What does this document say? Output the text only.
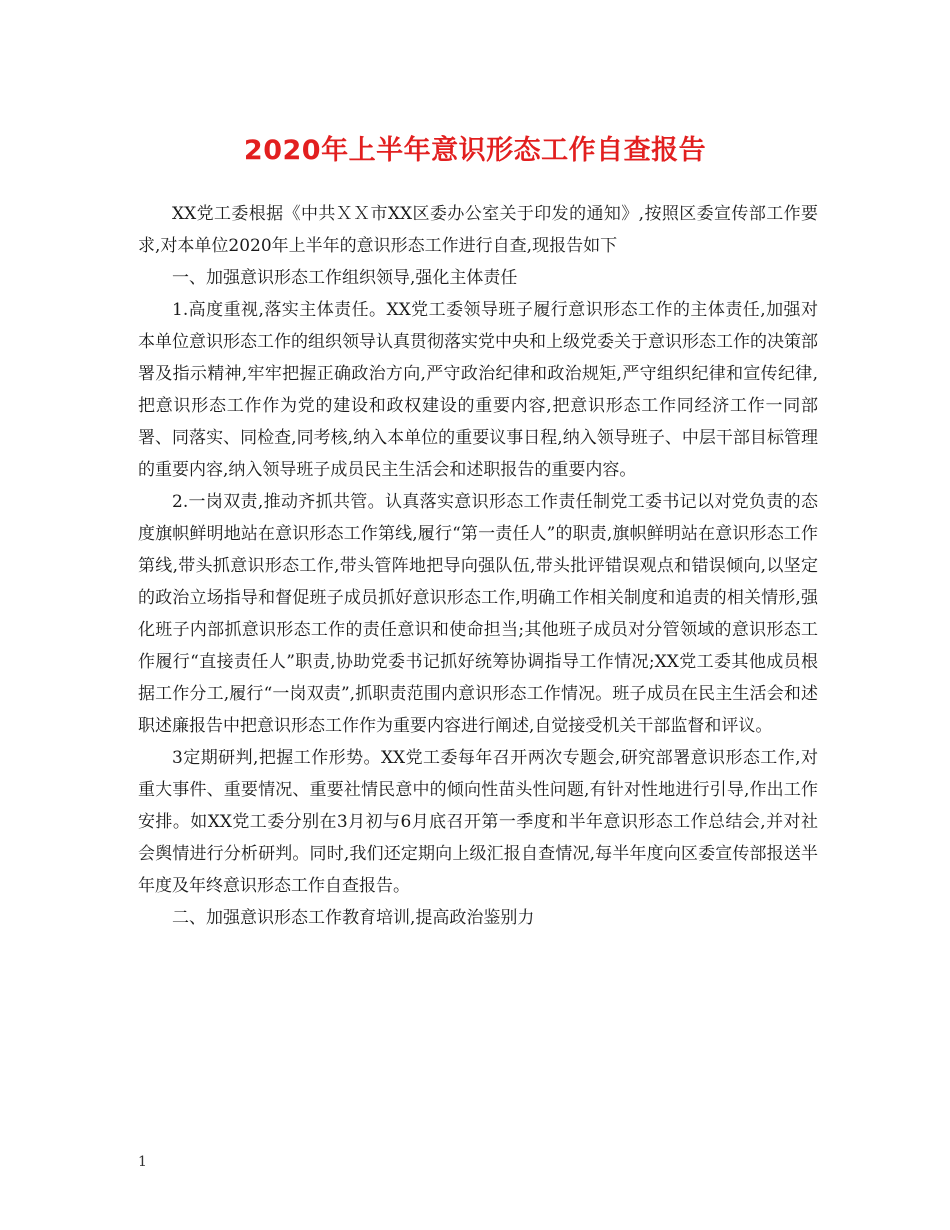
2020年上半年意识形态工作自查报告

XX党工委根据《中共ＸＸ市XX区委办公室关于印发的通知》,按照区委宣传部工作要求,对本单位2020年上半年的意识形态工作进行自查,现报告如下

一、加强意识形态工作组织领导,强化主体责任

1.高度重视,落实主体责任。XX党工委领导班子履行意识形态工作的主体责任,加强对本单位意识形态工作的组织领导认真贯彻落实党中央和上级党委关于意识形态工作的决策部署及指示精神,牢牢把握正确政治方向,严守政治纪律和政治规矩,严守组织纪律和宣传纪律,把意识形态工作作为党的建设和政权建设的重要内容,把意识形态工作同经济工作一同部署、同落实、同检查,同考核,纳入本单位的重要议事日程,纳入领导班子、中层干部目标管理的重要内容,纳入领导班子成员民主生活会和述职报告的重要内容。

2.一岗双责,推动齐抓共管。认真落实意识形态工作责任制党工委书记以对党负责的态度旗帜鲜明地站在意识形态工作第线,履行“第一责任人”的职责,旗帜鲜明站在意识形态工作第线,带头抓意识形态工作,带头管阵地把导向强队伍,带头批评错误观点和错误倾向,以坚定的政治立场指导和督促班子成员抓好意识形态工作,明确工作相关制度和追责的相关情形,强化班子内部抓意识形态工作的责任意识和使命担当;其他班子成员对分管领域的意识形态工作履行“直接责任人”职责,协助党委书记抓好统筹协调指导工作情况;XX党工委其他成员根据工作分工,履行“一岗双责”,抓职责范围内意识形态工作情况。班子成员在民主生活会和述职述廉报告中把意识形态工作作为重要内容进行阐述,自觉接受机关干部监督和评议。

3定期研判,把握工作形势。XX党工委每年召开两次专题会,研究部署意识形态工作,对重大事件、重要情况、重要社情民意中的倾向性苗头性问题,有针对性地进行引导,作出工作安排。如XX党工委分别在3月初与6月底召开第一季度和半年意识形态工作总结会,并对社会舆情进行分析研判。同时,我们还定期向上级汇报自查情况,每半年度向区委宣传部报送半年度及年终意识形态工作自查报告。

二、加强意识形态工作教育培训,提高政治鉴别力

1
